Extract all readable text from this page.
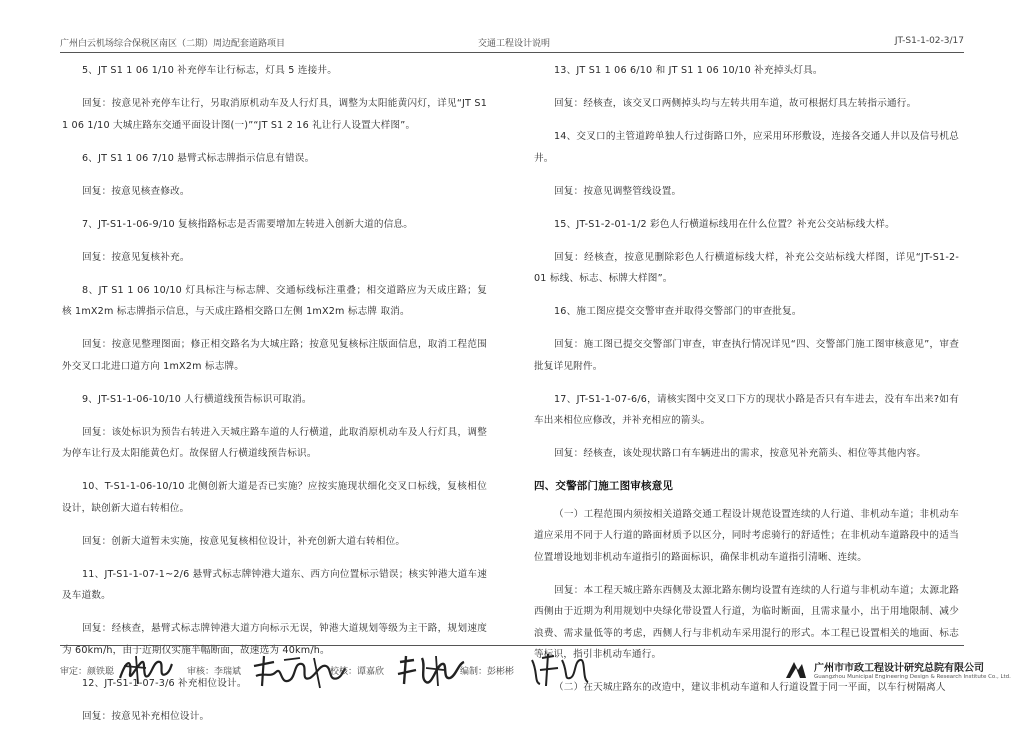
广州白云机场综合保税区南区（二期）周边配套道路项目	交通工程设计说明	JT-S1-1-02-3/17

5、JT S1 1 06 1/10 补充停车让行标志，灯具 5 连接井。

回复：按意见补充停车让行，另取消原机动车及人行灯具，调整为太阳能黄闪灯，详见“JT S1 1 06 1/10 大城庄路东交通平面设计图(一)”“JT S1 2 16 礼让行人设置大样图”。

6、JT S1 1 06 7/10 悬臂式标志牌指示信息有错误。

回复：按意见核查修改。

7、JT-S1-1-06-9/10 复核指路标志是否需要增加左转进入创新大道的信息。

回复：按意见复核补充。

8、JT S1 1 06 10/10 灯具标注与标志牌、交通标线标注重叠；相交道路应为天成庄路；复核 1mX2m 标志牌指示信息，与天成庄路相交路口左侧 1mX2m 标志牌 取消。

回复：按意见整理图面；修正相交路名为大城庄路；按意见复核标注版面信息，取消工程范围外交叉口北进口道方向 1mX2m 标志牌。

9、JT-S1-1-06-10/10 人行横道线预告标识可取消。

回复：该处标识为预告右转进入天城庄路车道的人行横道，此取消原机动车及人行灯具，调整为停车让行及太阳能黄色灯。故保留人行横道线预告标识。

10、T-S1-1-06-10/10 北侧创新大道是否已实施？应按实施现状细化交叉口标线，复核相位设计，缺创新大道右转相位。

回复：创新大道暂未实施，按意见复核相位设计，补充创新大道右转相位。

11、JT-S1-1-07-1~2/6 悬臂式标志牌钟港大道东、西方向位置标示错误；核实钟港大道车速及车道数。

回复：经核查，悬臂式标志牌钟港大道方向标示无误，钟港大道规划等级为主干路，规划速度为 60km/h，由于近期仅实施半幅断面，故速选为 40km/h。

12、JT-S1-1-07-3/6 补充相位设计。

回复：按意见补充相位设计。

13、JT S1 1 06 6/10 和 JT S1 1 06 10/10 补充掉头灯具。

回复：经核查，该交叉口两侧掉头均与左转共用车道，故可根据灯具左转指示通行。

14、交叉口的主管道跨单独人行过街路口外，应采用环形敷设，连接各交通人井以及信号机总井。

回复：按意见调整管线设置。

15、JT-S1-2-01-1/2 彩色人行横道标线用在什么位置？补充公交站标线大样。

回复：经核查，按意见删除彩色人行横道标线大样，补充公交站标线大样图，详见“JT-S1-2-01 标线、标志、标牌大样图”。

16、施工图应提交交警审查并取得交警部门的审查批复。

回复：施工图已提交交警部门审查，审查执行情况详见“四、交警部门施工图审核意见”，审查批复详见附件。

17、JT-S1-1-07-6/6，请核实图中交叉口下方的现状小路是否只有车进去，没有车出来?如有车出来相位应修改，并补充相应的箭头。

回复：经核查，该处现状路口有车辆进出的需求，按意见补充箭头、相位等其他内容。

四、交警部门施工图审核意见

（一）工程范围内须按相关道路交通工程设计规范设置连续的人行道、非机动车道；非机动车道应采用不同于人行道的路面材质予以区分，同时考虑骑行的舒适性；在非机动车道路段中的适当位置增设地划非机动车道指引的路面标识，确保非机动车道指引清晰、连续。

回复：本工程天城庄路东西侧及太源北路东侧均设置有连续的人行道与非机动车道；太源北路西侧由于近期为利用规划中央绿化带设置人行道，为临时断面，且需求量小，出于用地限制、减少浪费、需求量低等的考虑，西侧人行与非机动车采用混行的形式。本工程已设置相关的地面、标志等标识，指引非机动车通行。

（二）在天城庄路东的改造中，建议非机动车道和人行道设置于同一平面，以车行树隔离人

审定：颜铁聪	审核：李瑞斌	校核：谭嘉欣	编制：彭彬彬	广州市市政工程设计研究总院有限公司
Guangzhou Municipal Engineering Design & Research Institute Co., Ltd.
